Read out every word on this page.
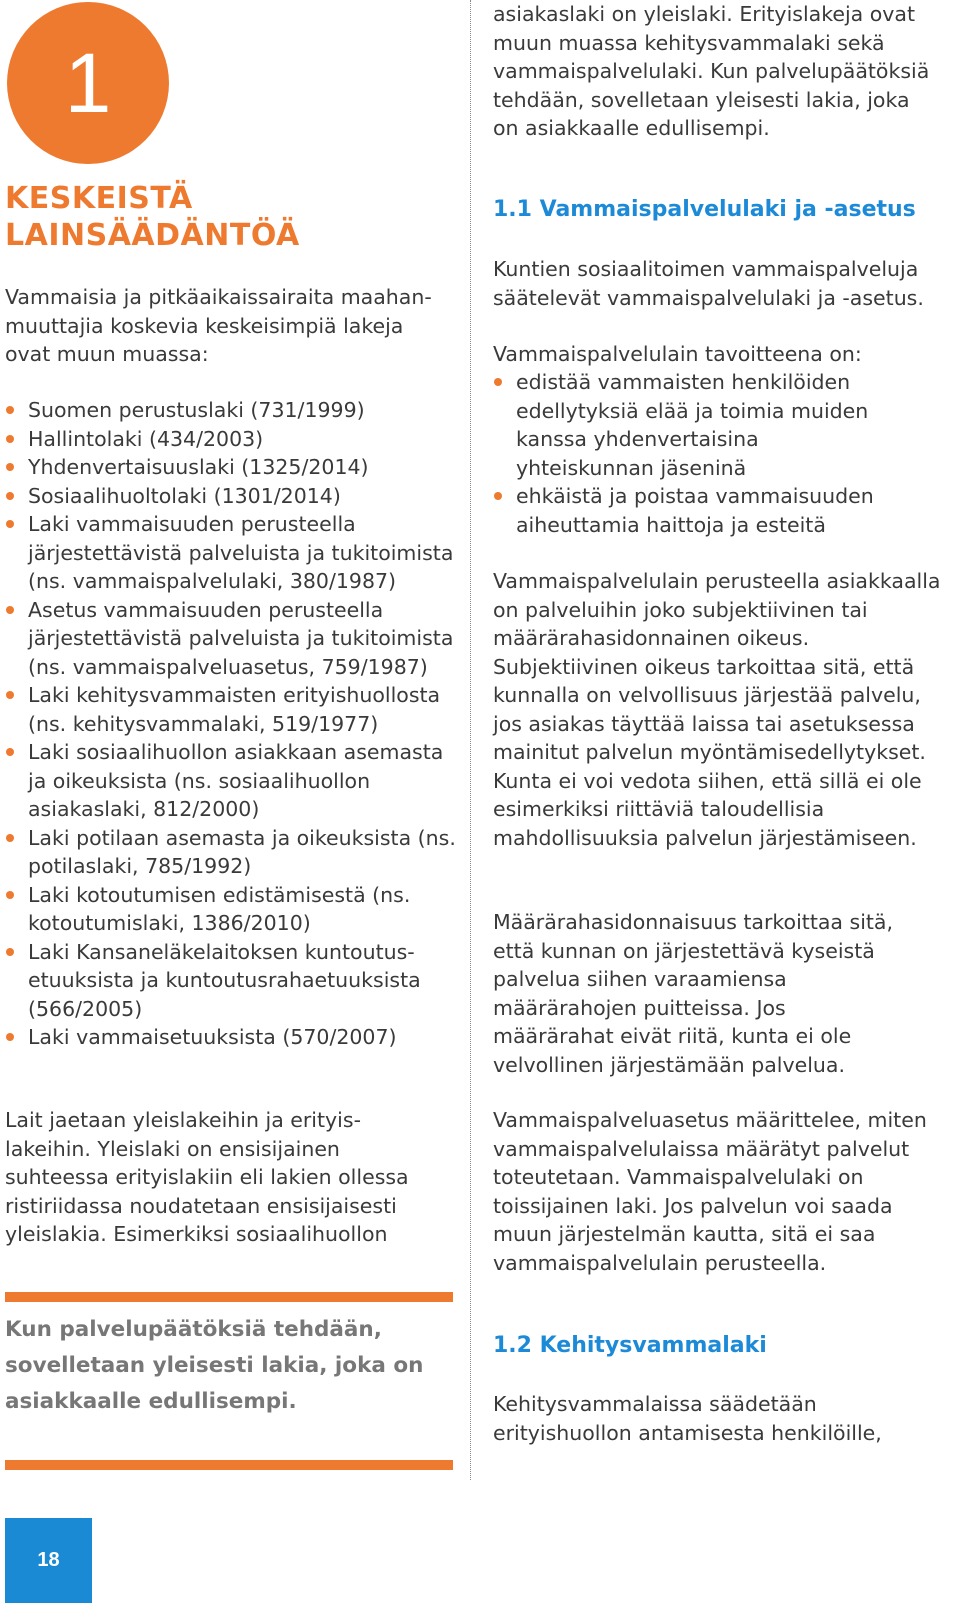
1
KESKEISTÄ
LAINSÄÄDÄNTÖÄ

Vammaisia ja pitkäaikaissairaita maahanmuuttajia koskevia keskeisimpiä lakeja ovat muun muassa:

Suomen perustuslaki (731/1999)
Hallintolaki (434/2003)
Yhdenvertaisuuslaki (1325/2014)
Sosiaalihuoltolaki (1301/2014)
Laki vammaisuuden perusteella järjestettävistä palveluista ja tukitoimista (ns. vammaispalvelulaki, 380/1987)
Asetus vammaisuuden perusteella järjestettävistä palveluista ja tukitoimista (ns. vammaispalveluasetus, 759/1987)
Laki kehitysvammaisten erityishuollosta (ns. kehitysvammalaki, 519/1977)
Laki sosiaalihuollon asiakkaan asemasta ja oikeuksista (ns. sosiaalihuollon asiakaslaki, 812/2000)
Laki potilaan asemasta ja oikeuksista (ns. potilaslaki, 785/1992)
Laki kotoutumisen edistämisestä (ns. kotoutumislaki, 1386/2010)
Laki Kansaneläkelaitoksen kuntoutusetuuksista ja kuntoutusrahaetuuksista (566/2005)
Laki vammaisetuuksista (570/2007)

Lait jaetaan yleislakeihin ja erityislakeihin. Yleislaki on ensisijainen suhteessa erityislakiin eli lakien ollessa ristiriidassa noudatetaan ensisijaisesti yleislakia. Esimerkiksi sosiaalihuollon

Kun palvelupäätöksiä tehdään, sovelletaan yleisesti lakia, joka on asiakkaalle edullisempi.

asiakaslaki on yleislaki. Erityislakeja ovat muun muassa kehitysvammalaki sekä vammaispalvelulaki. Kun palvelupäätöksiä tehdään, sovelletaan yleisesti lakia, joka on asiakkaalle edullisempi.

1.1 Vammaispalvelulaki ja -asetus

Kuntien sosiaalitoimen vammaispalveluja säätelevät vammaispalvelulaki ja -asetus.

Vammaispalvelulain tavoitteena on:

edistää vammaisten henkilöiden edellytyksiä elää ja toimia muiden kanssa yhdenvertaisina yhteiskunnan jäseninä
ehkäistä ja poistaa vammaisuuden aiheuttamia haittoja ja esteitä

Vammaispalvelulain perusteella asiakkaalla on palveluihin joko subjektiivinen tai määrärahasidonnainen oikeus. Subjektiivinen oikeus tarkoittaa sitä, että kunnalla on velvollisuus järjestää palvelu, jos asiakas täyttää laissa tai asetuksessa mainitut palvelun myöntämisedellytykset. Kunta ei voi vedota siihen, että sillä ei ole esimerkiksi riittäviä taloudellisia mahdollisuuksia palvelun järjestämiseen.

Määrärahasidonnaisuus tarkoittaa sitä, että kunnan on järjestettävä kyseistä palvelua siihen varaamiensa määrärahojen puitteissa. Jos määrärahat eivät riitä, kunta ei ole velvollinen järjestämään palvelua.

Vammaispalveluasetus määrittelee, miten vammaispalvelulaissa määrätyt palvelut toteutetaan. Vammaispalvelulaki on toissijainen laki. Jos palvelun voi saada muun järjestelmän kautta, sitä ei saa vammaispalvelulain perusteella.

1.2 Kehitysvammalaki

Kehitysvammalaissa säädetään erityishuollon antamisesta henkilöille,

18
